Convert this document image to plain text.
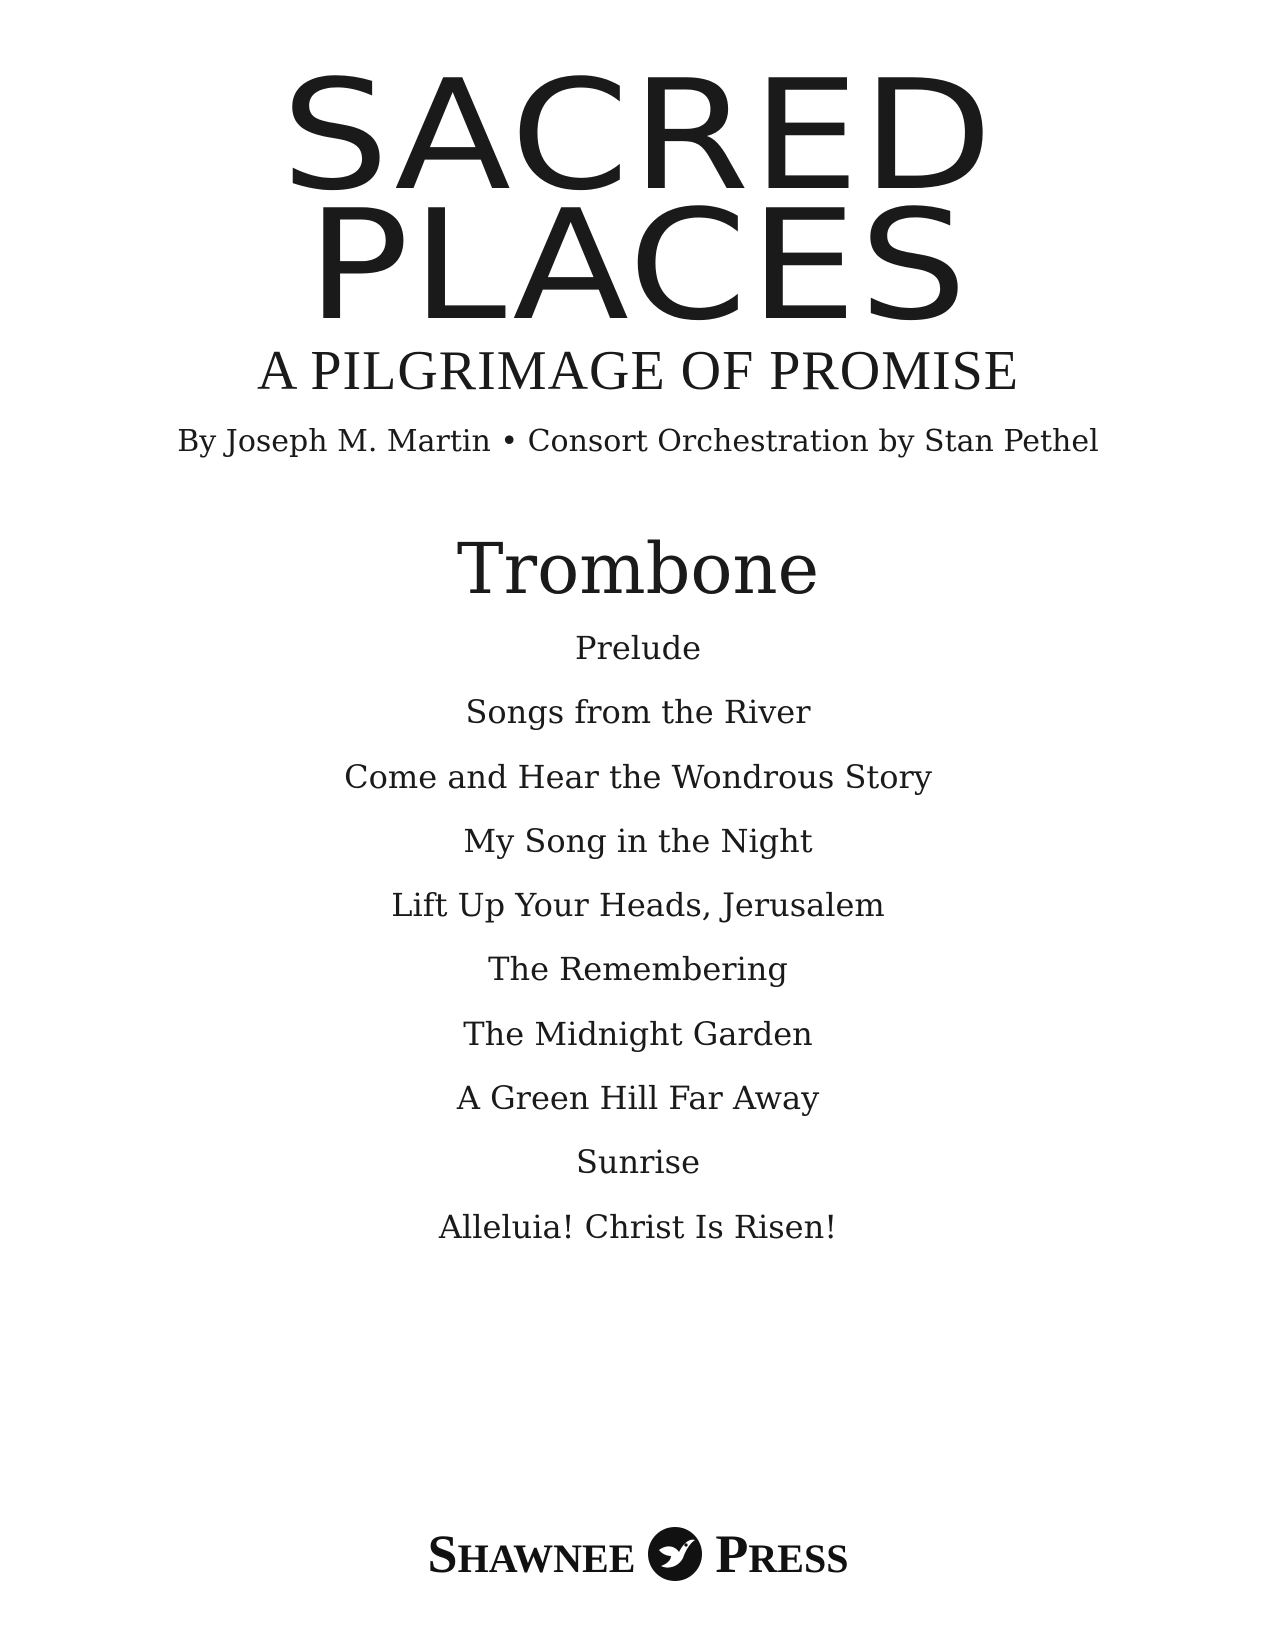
SACRED
PLACES
A PILGRIMAGE OF PROMISE
By Joseph M. Martin • Consort Orchestration by Stan Pethel
Trombone
Prelude
Songs from the River
Come and Hear the Wondrous Story
My Song in the Night
Lift Up Your Heads, Jerusalem
The Remembering
The Midnight Garden
A Green Hill Far Away
Sunrise
Alleluia! Christ Is Risen!
SHAWNEE PRESS
